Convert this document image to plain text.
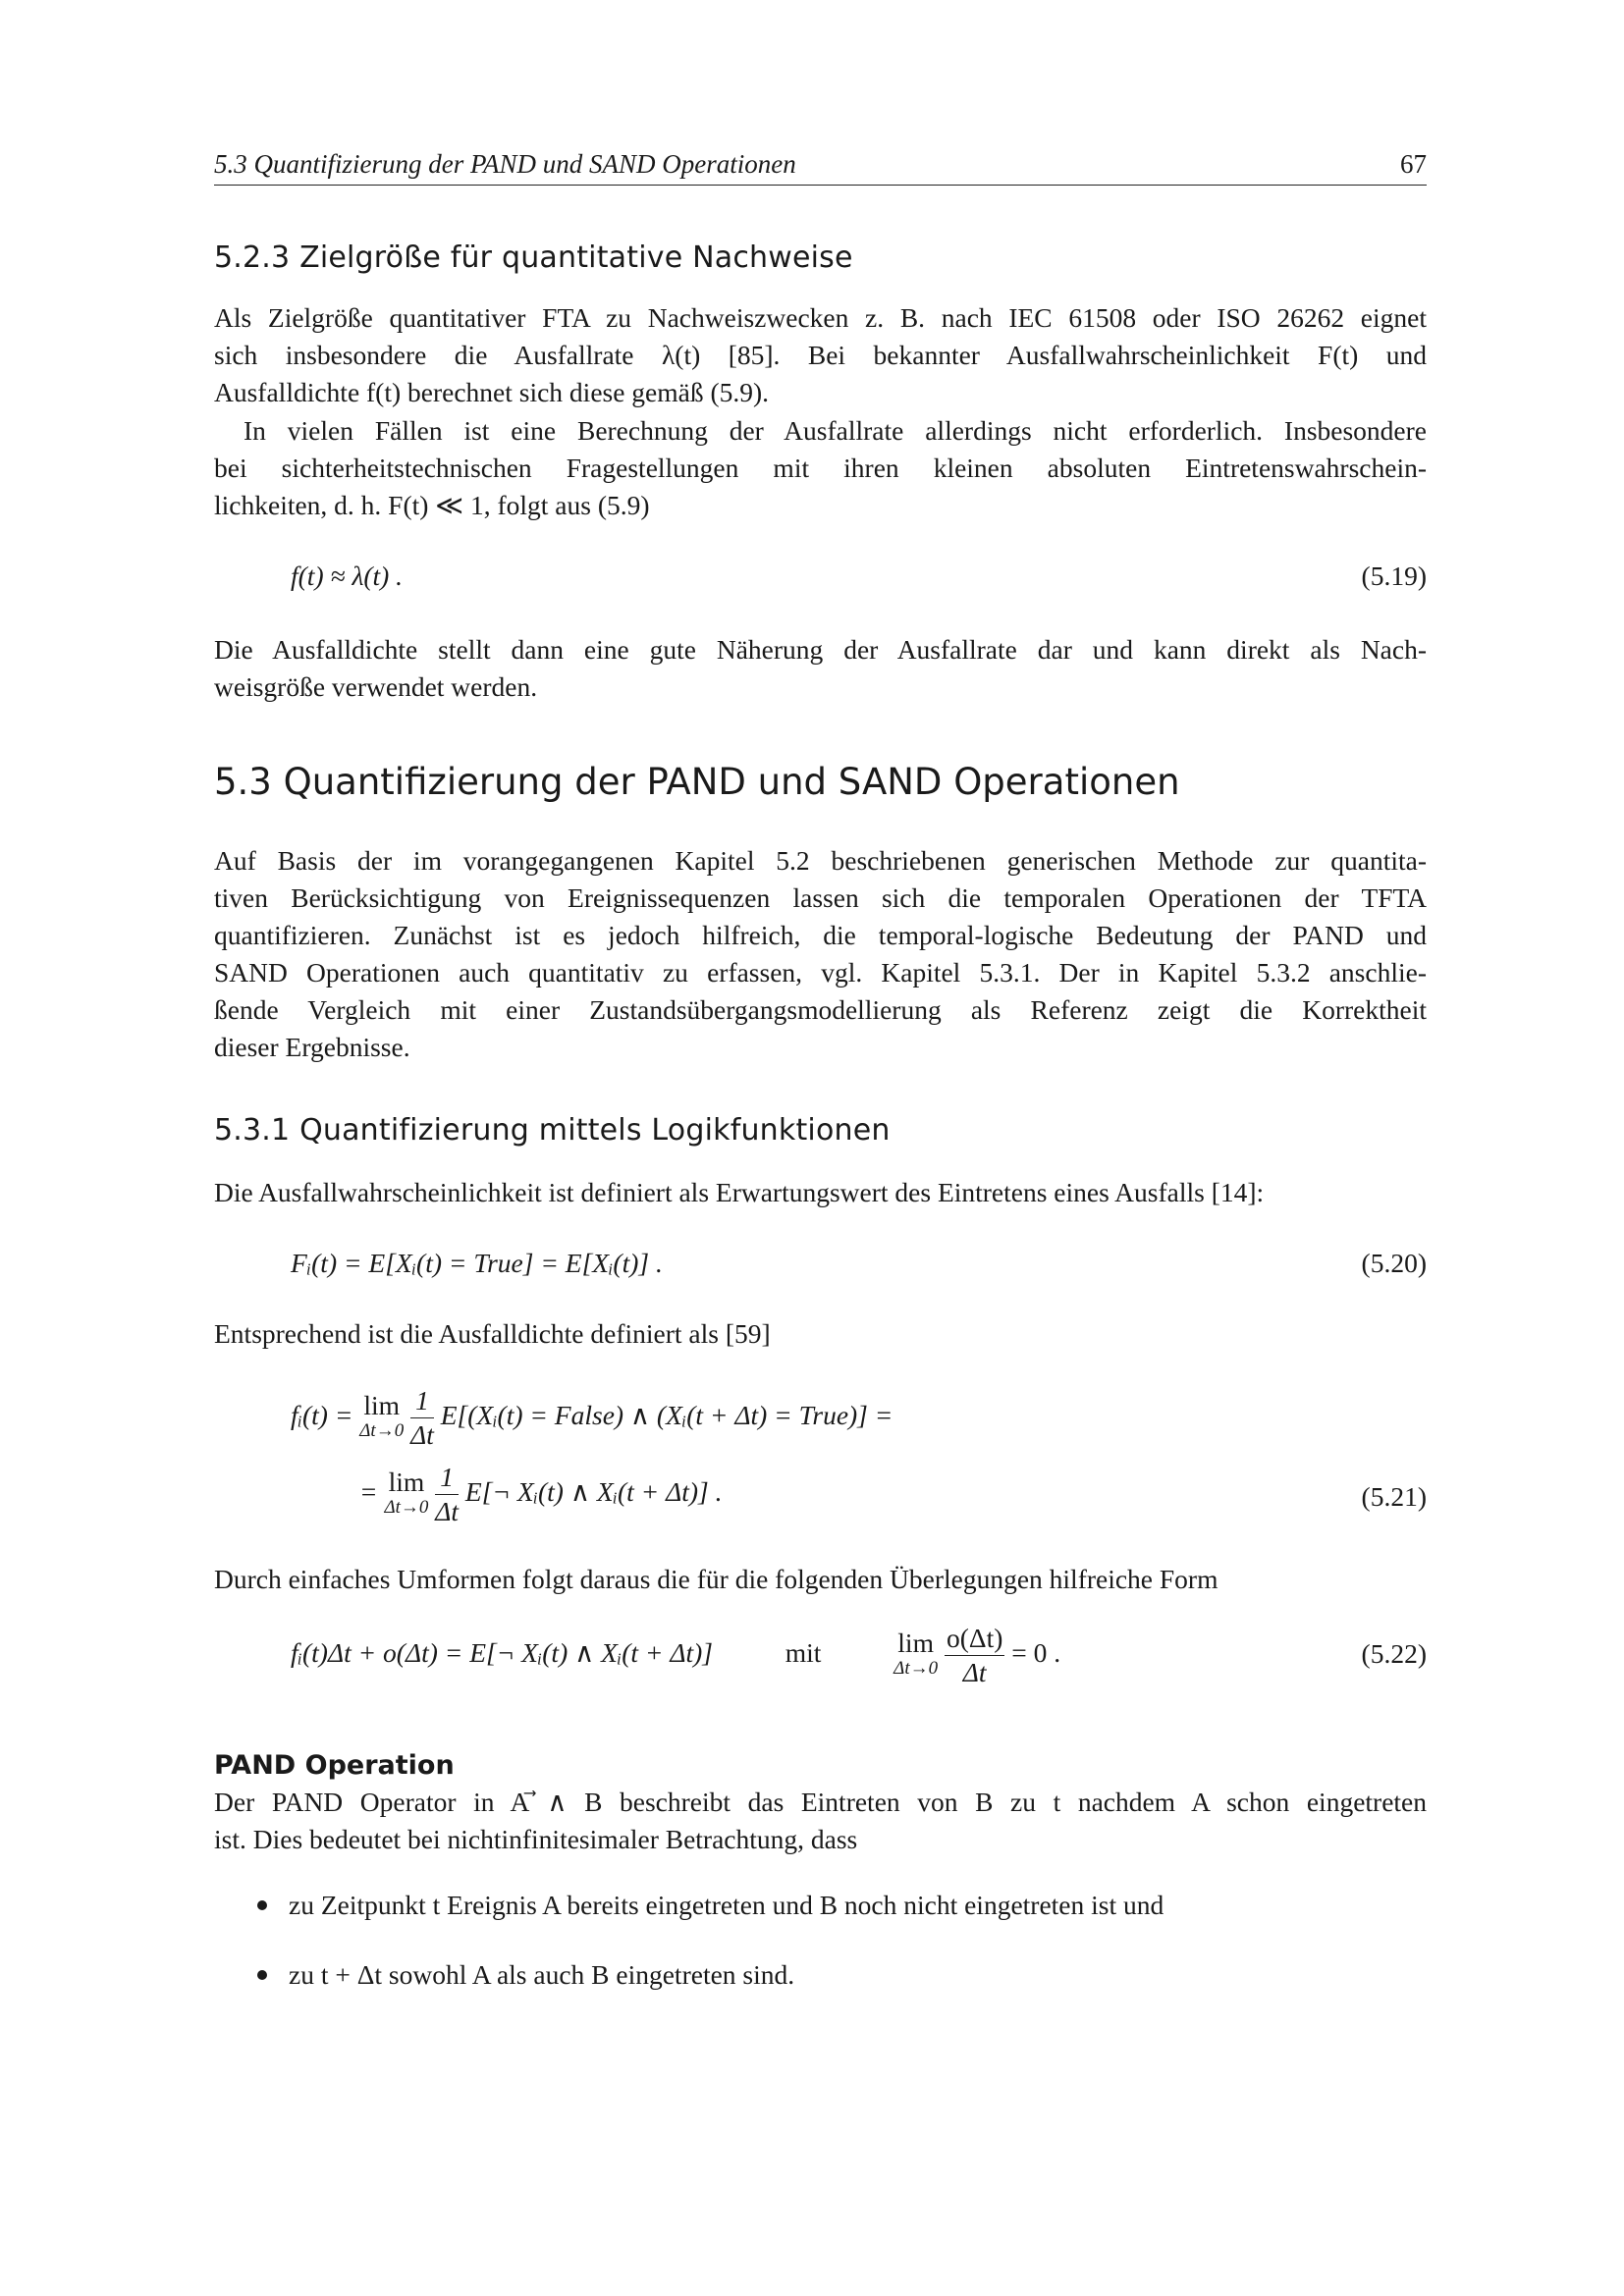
5.3 Quantifizierung der PAND und SAND Operationen	67
5.2.3 Zielgröße für quantitative Nachweise
Als Zielgröße quantitativer FTA zu Nachweiszwecken z. B. nach IEC 61508 oder ISO 26262 eignet
sich insbesondere die Ausfallrate λ(t) [85]. Bei bekannter Ausfallwahrscheinlichkeit F(t) und
Ausfalldichte f(t) berechnet sich diese gemäß (5.9).
In vielen Fällen ist eine Berechnung der Ausfallrate allerdings nicht erforderlich. Insbesondere
bei sichterheitstechnischen Fragestellungen mit ihren kleinen absoluten Eintretenswahrschein-
lichkeiten, d. h. F(t) ≪ 1, folgt aus (5.9)
f(t) ≈ λ(t) .	(5.19)
Die Ausfalldichte stellt dann eine gute Näherung der Ausfallrate dar und kann direkt als Nach-
weisgröße verwendet werden.
5.3 Quantifizierung der PAND und SAND Operationen
Auf Basis der im vorangegangenen Kapitel 5.2 beschriebenen generischen Methode zur quantita-
tiven Berücksichtigung von Ereignissequenzen lassen sich die temporalen Operationen der TFTA
quantifizieren. Zunächst ist es jedoch hilfreich, die temporal-logische Bedeutung der PAND und
SAND Operationen auch quantitativ zu erfassen, vgl. Kapitel 5.3.1. Der in Kapitel 5.3.2 anschlie-
ßende Vergleich mit einer Zustandsübergangsmodellierung als Referenz zeigt die Korrektheit
dieser Ergebnisse.
5.3.1 Quantifizierung mittels Logikfunktionen
Die Ausfallwahrscheinlichkeit ist definiert als Erwartungswert des Eintretens eines Ausfalls [14]:
Fᵢ(t) = E[Xᵢ(t) = True] = E[Xᵢ(t)] .	(5.20)
Entsprechend ist die Ausfalldichte definiert als [59]
fᵢ(t) = lim
Δt→0
$\frac{1}{\Delta t}$ E[(Xᵢ(t) = False) ∧ (Xᵢ(t + Δt) = True)] =
= lim
Δt→0
$\frac{1}{\Delta t}$ E[¬ Xᵢ(t) ∧ Xᵢ(t + Δt)] .	(5.21)
Durch einfaches Umformen folgt daraus die für die folgenden Überlegungen hilfreiche Form
fᵢ(t)Δt + o(Δt) = E[¬ Xᵢ(t) ∧ Xᵢ(t + Δt)]	mit	lim
Δt→0
$\frac{o(\Delta t)}{\Delta t} = 0$ .	(5.22)
PAND Operation
Der PAND Operator in A ⃗∧ B beschreibt das Eintreten von B zu t nachdem A schon eingetreten
ist. Dies bedeutet bei nichtinfinitesimaler Betrachtung, dass
zu Zeitpunkt t Ereignis A bereits eingetreten und B noch nicht eingetreten ist und
zu t + Δt sowohl A als auch B eingetreten sind.
